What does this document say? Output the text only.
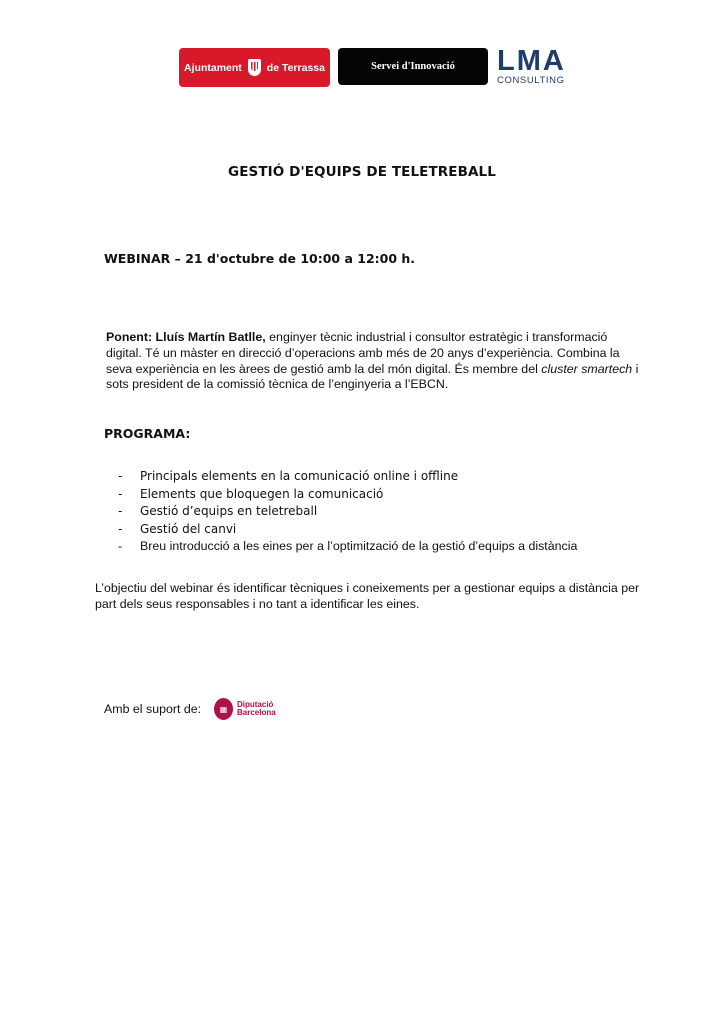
Ajuntament de Terrassa	Servei d'Innovació LMA
CONSULTING
GESTIÓ D'EQUIPS DE TELETREBALL
WEBINAR – 21 d'octubre de 10:00 a 12:00 h.
Ponent: Lluís Martín Batlle, enginyer tècnic industrial i consultor estratègic i transformació digital. Té un màster en direcció d’operacions amb més de 20 anys d’experiència. Combina la seva experiència en les àrees de gestió amb la del món digital. És membre del cluster smartech i sots president de la comissió tècnica de l’enginyeria a l’EBCN.
PROGRAMA:
-	Principals elements en la comunicació online i offline
-	Elements que bloquegen la comunicació
-	Gestió d’equips en teletreball
-	Gestió del canvi
-	Breu introducció a les eines per a l’optimització de la gestió d’equips a distància
L’objectiu del webinar és identificar tècniques i coneixements per a gestionar equips a distància per part dels seus responsables i no tant a identificar les eines.
Amb el suport de:	▦
Diputació
Barcelona
